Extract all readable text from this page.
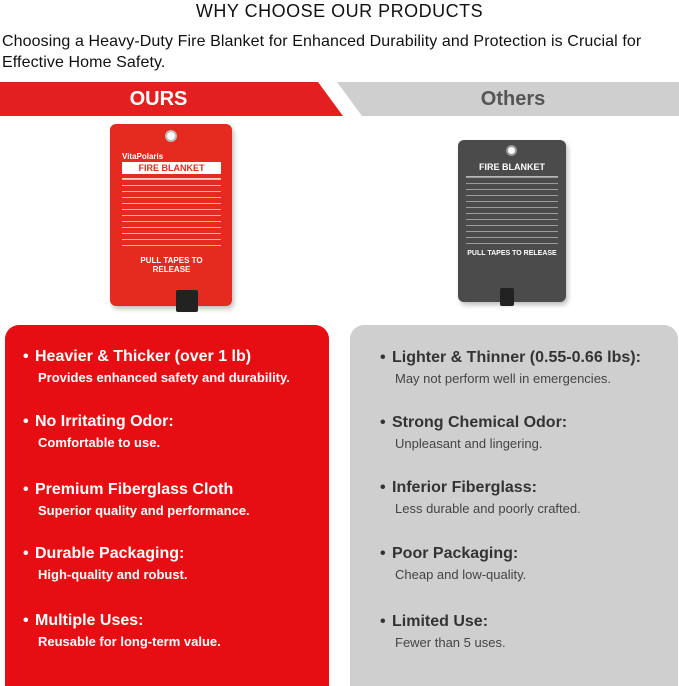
WHY CHOOSE OUR PRODUCTS
Choosing a Heavy-Duty Fire Blanket for Enhanced Durability and Protection is Crucial for Effective Home Safety.
OURS	Others
VitaPolaris
FIRE BLANKET
PULL TAPES TO RELEASE
FIRE BLANKET
PULL TAPES TO RELEASE
• Heavier & Thicker (over 1 lb)
Provides enhanced safety and durability.
• No Irritating Odor:
Comfortable to use.
• Premium Fiberglass Cloth
Superior quality and performance.
• Durable Packaging:
High-quality and robust.
• Multiple Uses:
Reusable for long-term value.
• Lighter & Thinner (0.55-0.66 lbs):
May not perform well in emergencies.
• Strong Chemical Odor:
Unpleasant and lingering.
• Inferior Fiberglass:
Less durable and poorly crafted.
• Poor Packaging:
Cheap and low-quality.
• Limited Use:
Fewer than 5 uses.
